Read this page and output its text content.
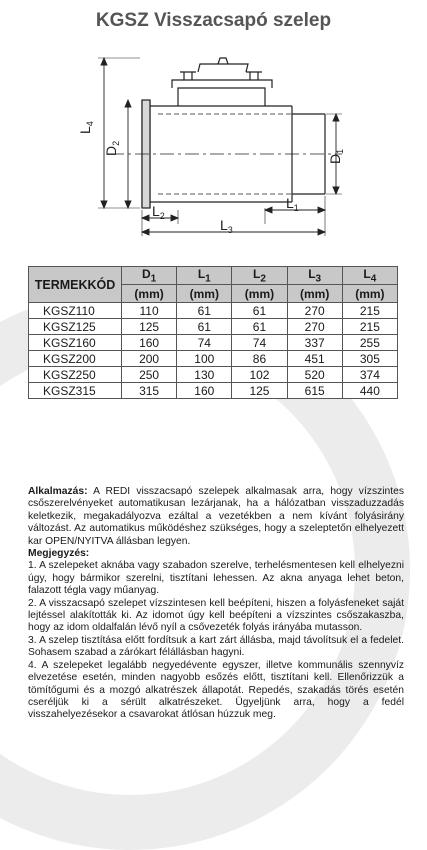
KGSZ Visszacsapó szelep
$L_4$
$D_2$
$D_1$
$L_2$
$L_1$
$L_3$
TERMEKKÓD	$D_1$	$L_1$	$L_2$	$L_3$	$L_4$
	(mm)	(mm)	(mm)	(mm)	(mm)
KGSZ110	110	61	61	270	215
KGSZ125	125	61	61	270	215
KGSZ160	160	74	74	337	255
KGSZ200	200	100	86	451	305
KGSZ250	250	130	102	520	374
KGSZ315	315	160	125	615	440

Alkalmazás: A REDI visszacsapó szelepek alkalmasak arra, hogy vízszintes csőszerelvényeket automatikusan lezárjanak, ha a hálózatban visszaduzzadás keletkezik, megakadályozva ezáltal a vezetékben a nem kívánt folyásirány változást. Az automatikus működéshez szükséges, hogy a szeleptetőn elhelyezett kar OPEN/NYITVA állásban legyen.

Megjegyzés:

1. A szelepeket aknába vagy szabadon szerelve, terhelésmentesen kell elhelyezni úgy, hogy bármikor szerelni, tisztítani lehessen. Az akna anyaga lehet beton, falazott tégla vagy műanyag.

2. A visszacsapó szelepet vízszintesen kell beépíteni, hiszen a folyásfeneket saját lejtéssel alakították ki. Az idomot úgy kell beépíteni a vízszintes csőszakaszba, hogy az idom oldalfalán lévő nyíl a csővezeték folyás irányába mutasson.

3. A szelep tisztítása előtt fordítsuk a kart zárt állásba, majd távolítsuk el a fedelet. Sohasem szabad a zárókart félállásban hagyni.

4. A szelepeket legalább negyedévente egyszer, illetve kommunális szennyvíz elvezetése esetén, minden nagyobb esőzés előtt, tisztítani kell. Ellenőrizzük a tömítőgumi és a mozgó alkatrészek állapotát. Repedés, szakadás törés esetén cseréljük ki a sérült alkatrészeket. Ügyeljünk arra, hogy a fedél visszahelyezésekor a csavarokat átlósan húzzuk meg.
